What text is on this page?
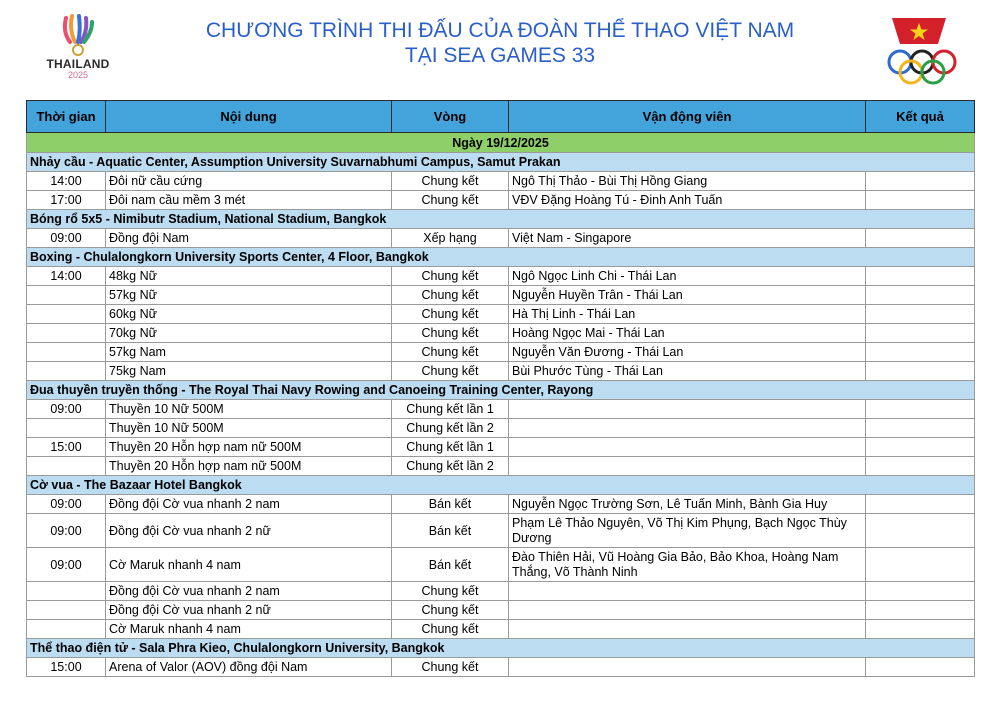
THAILAND
2025
CHƯƠNG TRÌNH THI ĐẤU CỦA ĐOÀN THỂ THAO VIỆT NAM
TẠI SEA GAMES 33
Thời gian	Nội dung	Vòng	Vận động viên	Kết quả
Ngày 19/12/2025				
Nhảy cầu - Aquatic Center, Assumption University Suvarnabhumi Campus, Samut Prakan				
14:00	Đôi nữ cầu cứng	Chung kết	Ngô Thị Thảo - Bùi Thị Hồng Giang	
17:00	Đôi nam cầu mềm 3 mét	Chung kết	VĐV Đặng Hoàng Tú - Đinh Anh Tuấn	
Bóng rổ 5x5 - Nimibutr Stadium, National Stadium, Bangkok				
09:00	Đồng đội Nam	Xếp hạng	Việt Nam - Singapore	
Boxing - Chulalongkorn University Sports Center, 4 Floor, Bangkok				
14:00	48kg Nữ	Chung kết	Ngô Ngọc Linh Chi - Thái Lan	
	57kg Nữ	Chung kết	Nguyễn Huyền Trân - Thái Lan	
	60kg Nữ	Chung kết	Hà Thị Linh - Thái Lan	
	70kg Nữ	Chung kết	Hoàng Ngọc Mai - Thái Lan	
	57kg Nam	Chung kết	Nguyễn Văn Đương - Thái Lan	
	75kg Nam	Chung kết	Bùi Phước Tùng - Thái Lan	
Đua thuyền truyền thống - The Royal Thai Navy Rowing and Canoeing Training Center, Rayong				
09:00	Thuyền 10 Nữ 500M	Chung kết lần 1		
	Thuyền 10 Nữ 500M	Chung kết lần 2		
15:00	Thuyền 20 Hỗn hợp nam nữ 500M	Chung kết lần 1		
	Thuyền 20 Hỗn hợp nam nữ 500M	Chung kết lần 2		
Cờ vua - The Bazaar Hotel Bangkok				
09:00	Đồng đội Cờ vua nhanh 2 nam	Bán kết	Nguyễn Ngọc Trường Sơn, Lê Tuấn Minh, Bành Gia Huy	
09:00	Đồng đội Cờ vua nhanh 2 nữ	Bán kết	Phạm Lê Thảo Nguyên, Võ Thị Kim Phụng, Bạch Ngọc Thùy Dương	
09:00	Cờ Maruk nhanh 4 nam	Bán kết	Đào Thiên Hải, Vũ Hoàng Gia Bảo, Bảo Khoa, Hoàng Nam Thắng, Võ Thành Ninh	
	Đồng đội Cờ vua nhanh 2 nam	Chung kết		
	Đồng đội Cờ vua nhanh 2 nữ	Chung kết		
	Cờ Maruk nhanh 4 nam	Chung kết		
Thể thao điện tử - Sala Phra Kieo, Chulalongkorn University, Bangkok				
15:00	Arena of Valor (AOV) đồng đội Nam	Chung kết		
